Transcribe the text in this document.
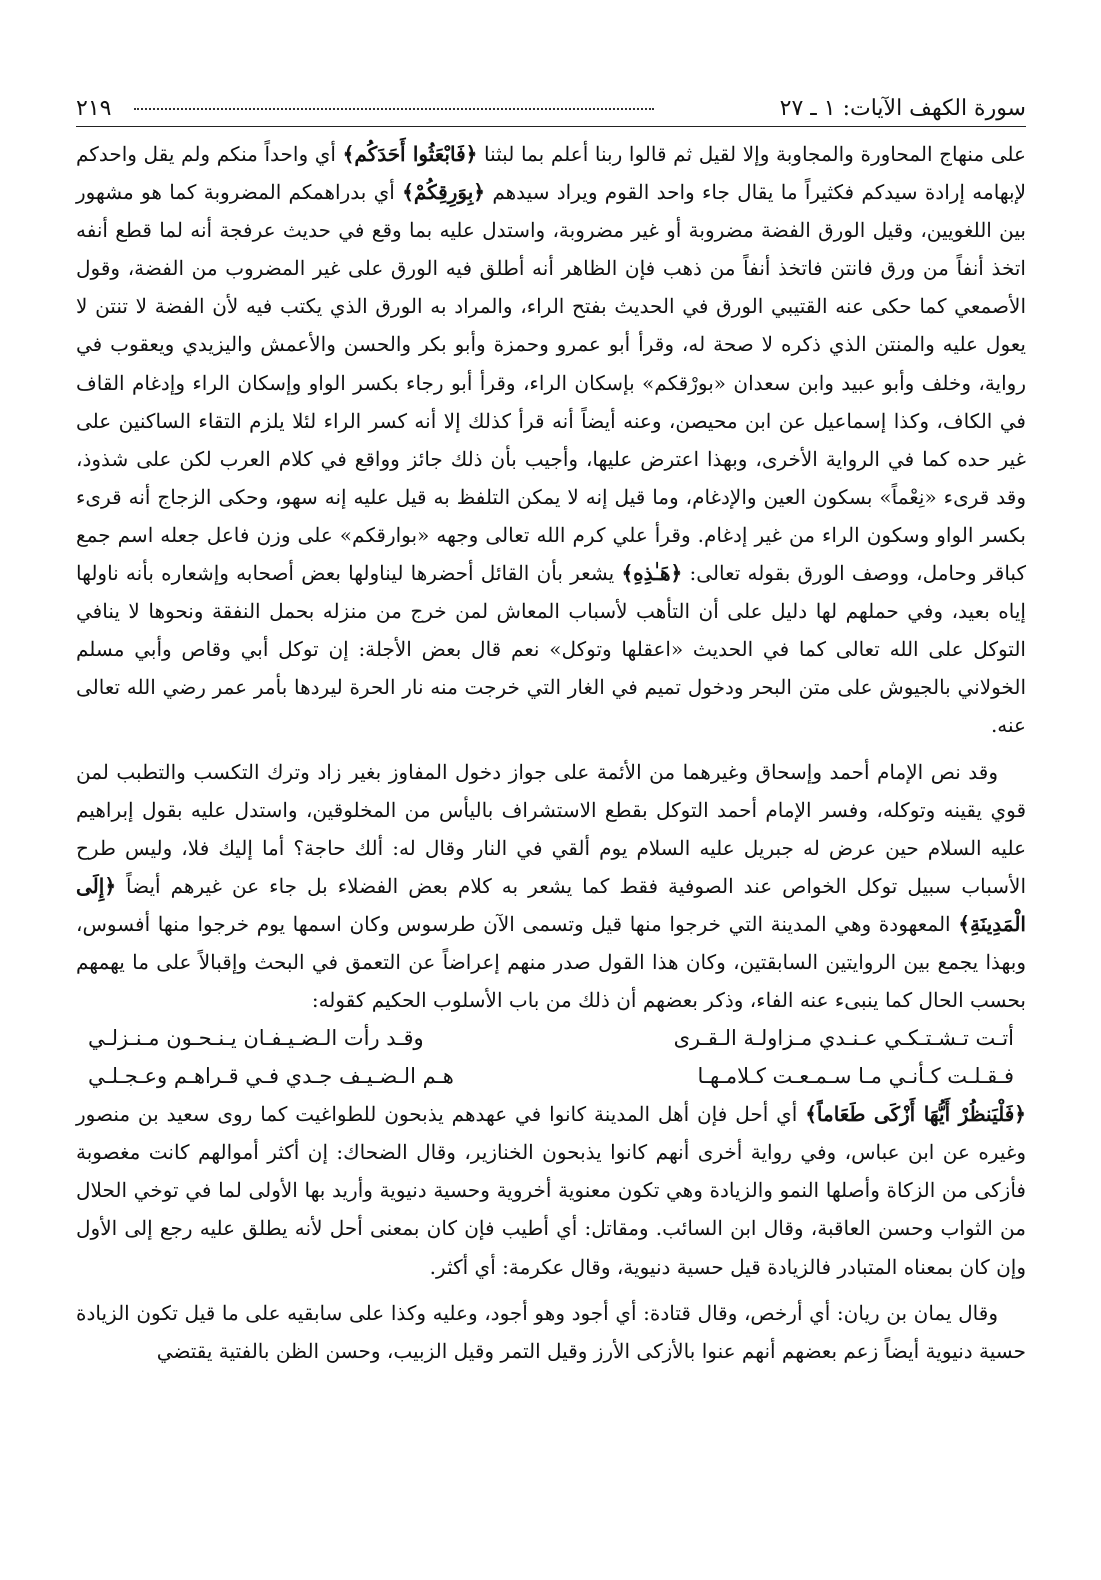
سورة الكهف الآيات: ١ ـ ٢٧
٢١٩

على منهاج المحاورة والمجاوبة وإلا لقيل ثم قالوا ربنا أعلم بما لبثنا ﴿فَابْعَثُوا أَحَدَكُم﴾ أي واحداً منكم ولم يقل واحدكم لإبهامه إرادة سيدكم فكثيراً ما يقال جاء واحد القوم ويراد سيدهم ﴿بِوَرِقِكُمْ﴾ أي بدراهمكم المضروبة كما هو مشهور بين اللغويين، وقيل الورق الفضة مضروبة أو غير مضروبة، واستدل عليه بما وقع في حديث عرفجة أنه لما قطع أنفه اتخذ أنفاً من ورق فانتن فاتخذ أنفاً من ذهب فإن الظاهر أنه أطلق فيه الورق على غير المضروب من الفضة، وقول الأصمعي كما حكى عنه القتيبي الورق في الحديث بفتح الراء، والمراد به الورق الذي يكتب فيه لأن الفضة لا تنتن لا يعول عليه والمنتن الذي ذكره لا صحة له، وقرأ أبو عمرو وحمزة وأبو بكر والحسن والأعمش واليزيدي ويعقوب في رواية، وخلف وأبو عبيد وابن سعدان «بورْقكم» بإسكان الراء، وقرأ أبو رجاء بكسر الواو وإسكان الراء وإدغام القاف في الكاف، وكذا إسماعيل عن ابن محيصن، وعنه أيضاً أنه قرأ كذلك إلا أنه كسر الراء لئلا يلزم التقاء الساكنين على غير حده كما في الرواية الأخرى، وبهذا اعترض عليها، وأجيب بأن ذلك جائز وواقع في كلام العرب لكن على شذوذ، وقد قرىء «نِعْماً» بسكون العين والإدغام، وما قيل إنه لا يمكن التلفظ به قيل عليه إنه سهو، وحكى الزجاج أنه قرىء بكسر الواو وسكون الراء من غير إدغام. وقرأ علي كرم الله تعالى وجهه «بوارقكم» على وزن فاعل جعله اسم جمع كباقر وحامل، ووصف الورق بقوله تعالى: ﴿هَـٰذِهِ﴾ يشعر بأن القائل أحضرها ليناولها بعض أصحابه وإشعاره بأنه ناولها إياه بعيد، وفي حملهم لها دليل على أن التأهب لأسباب المعاش لمن خرج من منزله بحمل النفقة ونحوها لا ينافي التوكل على الله تعالى كما في الحديث «اعقلها وتوكل» نعم قال بعض الأجلة: إن توكل أبي وقاص وأبي مسلم الخولاني بالجيوش على متن البحر ودخول تميم في الغار التي خرجت منه نار الحرة ليردها بأمر عمر رضي الله تعالى عنه.

وقد نص الإمام أحمد وإسحاق وغيرهما من الأئمة على جواز دخول المفاوز بغير زاد وترك التكسب والتطبب لمن قوي يقينه وتوكله، وفسر الإمام أحمد التوكل بقطع الاستشراف باليأس من المخلوقين، واستدل عليه بقول إبراهيم عليه السلام حين عرض له جبريل عليه السلام يوم ألقي في النار وقال له: ألك حاجة؟ أما إليك فلا، وليس طرح الأسباب سبيل توكل الخواص عند الصوفية فقط كما يشعر به كلام بعض الفضلاء بل جاء عن غيرهم أيضاً ﴿إِلَى الْمَدِينَةِ﴾ المعهودة وهي المدينة التي خرجوا منها قيل وتسمى الآن طرسوس وكان اسمها يوم خرجوا منها أفسوس، وبهذا يجمع بين الروايتين السابقتين، وكان هذا القول صدر منهم إعراضاً عن التعمق في البحث وإقبالاً على ما يهمهم بحسب الحال كما ينبىء عنه الفاء، وذكر بعضهم أن ذلك من باب الأسلوب الحكيم كقوله:

أتـت تـشـتـكـي عـنـدي مـزاولـة الـقـرى
وقـد رأت الـضـيـفـان يـنـحـون مـنـزلـي
فـقـلـت كـأنـي مـا سـمـعـت كـلامـهـا
هـم الـضـيـف جـدي فـي قـراهـم وعـجـلـي

﴿فَلْيَنظُرْ أَيُّهَا أَزْكَى طَعَاماً﴾ أي أحل فإن أهل المدينة كانوا في عهدهم يذبحون للطواغيت كما روى سعيد بن منصور وغيره عن ابن عباس، وفي رواية أخرى أنهم كانوا يذبحون الخنازير، وقال الضحاك: إن أكثر أموالهم كانت مغصوبة فأزكى من الزكاة وأصلها النمو والزيادة وهي تكون معنوية أخروية وحسية دنيوية وأريد بها الأولى لما في توخي الحلال من الثواب وحسن العاقبة، وقال ابن السائب. ومقاتل: أي أطيب فإن كان بمعنى أحل لأنه يطلق عليه رجع إلى الأول وإن كان بمعناه المتبادر فالزيادة قيل حسية دنيوية، وقال عكرمة: أي أكثر.

وقال يمان بن ريان: أي أرخص، وقال قتادة: أي أجود وهو أجود، وعليه وكذا على سابقيه على ما قيل تكون الزيادة حسية دنيوية أيضاً زعم بعضهم أنهم عنوا بالأزكى الأرز وقيل التمر وقيل الزبيب، وحسن الظن بالفتية يقتضي
